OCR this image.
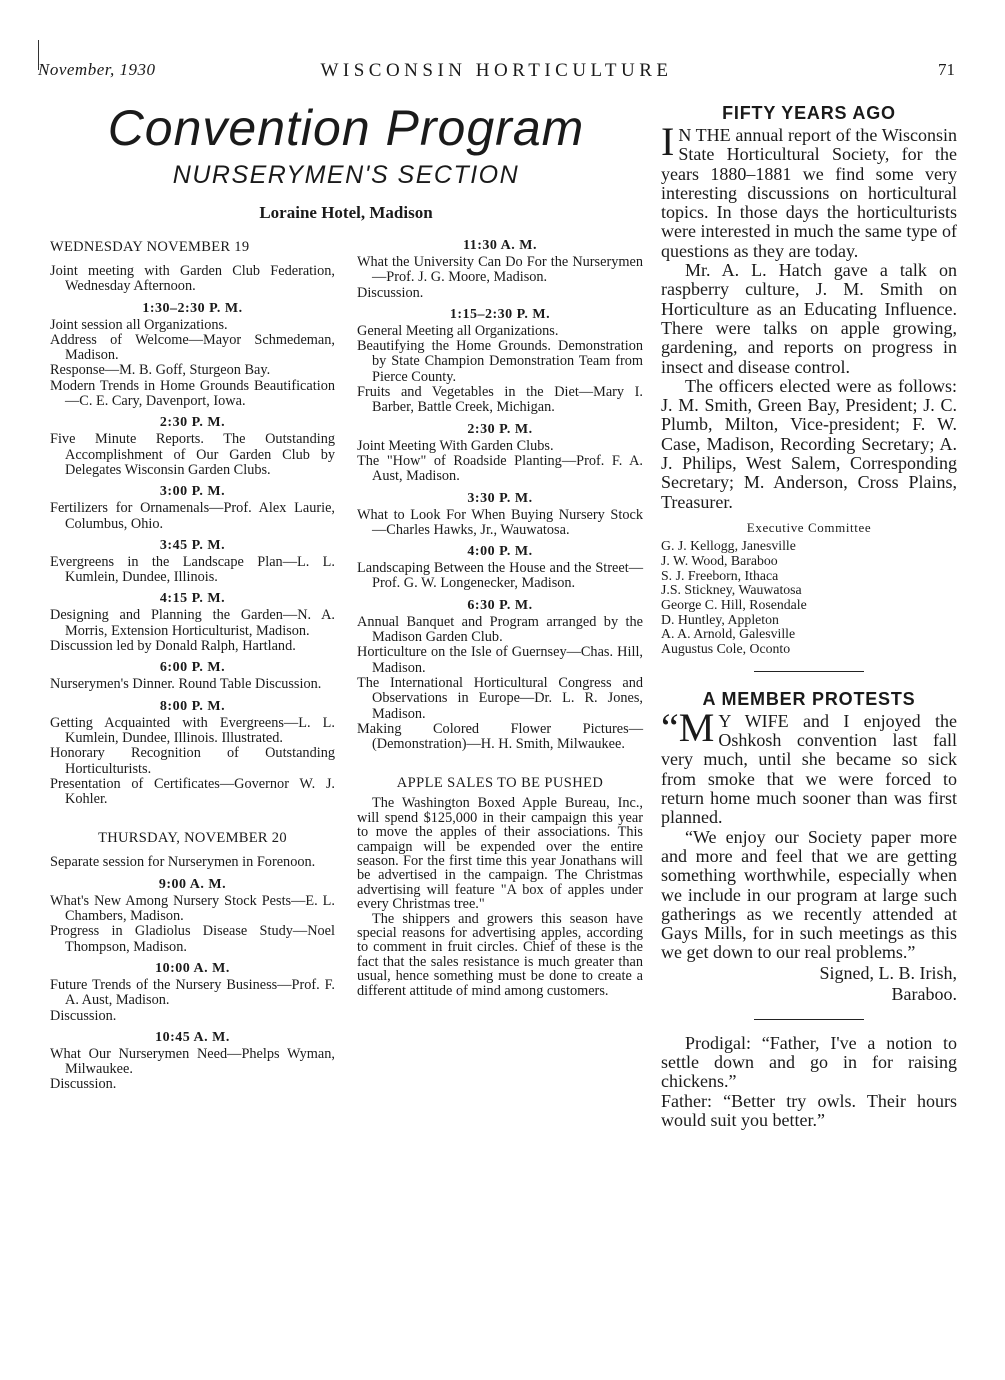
November, 1930	WISCONSIN HORTICULTURE	71
Convention Program
NURSERYMEN'S SECTION
Loraine Hotel, Madison
WEDNESDAY NOVEMBER 19

Joint meeting with Garden Club Federation, Wednesday Afternoon.

1:30–2:30 P. M.

Joint session all Organizations.

Address of Welcome—Mayor Schmedeman, Madison.

Response—M. B. Goff, Sturgeon Bay.

Modern Trends in Home Grounds Beautification—C. E. Cary, Davenport, Iowa.

2:30 P. M.

Five Minute Reports. The Outstanding Accomplishment of Our Garden Club by Delegates Wisconsin Garden Clubs.

3:00 P. M.

Fertilizers for Ornamenals—Prof. Alex Laurie, Columbus, Ohio.

3:45 P. M.

Evergreens in the Landscape Plan—L. L. Kumlein, Dundee, Illinois.

4:15 P. M.

Designing and Planning the Garden—N. A. Morris, Extension Horticulturist, Madison.

Discussion led by Donald Ralph, Hartland.

6:00 P. M.

Nurserymen's Dinner. Round Table Discussion.

8:00 P. M.

Getting Acquainted with Evergreens—L. L. Kumlein, Dundee, Illinois. Illustrated.

Honorary Recognition of Outstanding Horticulturists.

Presentation of Certificates—Governor W. J. Kohler.

THURSDAY, NOVEMBER 20

Separate session for Nurserymen in Forenoon.

9:00 A. M.

What's New Among Nursery Stock Pests—E. L. Chambers, Madison.

Progress in Gladiolus Disease Study—Noel Thompson, Madison.

10:00 A. M.

Future Trends of the Nursery Business—Prof. F. A. Aust, Madison.

Discussion.

10:45 A. M.

What Our Nurserymen Need—Phelps Wyman, Milwaukee.

Discussion.

11:30 A. M.

What the University Can Do For the Nurserymen—Prof. J. G. Moore, Madison.

Discussion.

1:15–2:30 P. M.

General Meeting all Organizations.

Beautifying the Home Grounds. Demonstration by State Champion Demonstration Team from Pierce County.

Fruits and Vegetables in the Diet—Mary I. Barber, Battle Creek, Michigan.

2:30 P. M.

Joint Meeting With Garden Clubs.

The "How" of Roadside Planting—Prof. F. A. Aust, Madison.

3:30 P. M.

What to Look For When Buying Nursery Stock—Charles Hawks, Jr., Wauwatosa.

4:00 P. M.

Landscaping Between the House and the Street—Prof. G. W. Longenecker, Madison.

6:30 P. M.

Annual Banquet and Program arranged by the Madison Garden Club.

Horticulture on the Isle of Guernsey—Chas. Hill, Madison.

The International Horticultural Congress and Observations in Europe—Dr. L. R. Jones, Madison.

Making Colored Flower Pictures—(Demonstration)—H. H. Smith, Milwaukee.

APPLE SALES TO BE PUSHED

The Washington Boxed Apple Bureau, Inc., will spend $125,000 in their campaign this year to move the apples of their associations. This campaign will be expended over the entire season. For the first time this year Jonathans will be advertised in the campaign. The Christmas advertising will feature "A box of apples under every Christmas tree."

The shippers and growers this season have special reasons for advertising apples, according to comment in fruit circles. Chief of these is the fact that the sales resistance is much greater than usual, hence something must be done to create a different attitude of mind among customers.

FIFTY YEARS AGO

I N THE annual report of the Wisconsin State Horticultural Society, for the years 1880–1881 we find some very interesting discussions on horticultural topics. In those days the horticulturists were interested in much the same type of questions as they are today.

Mr. A. L. Hatch gave a talk on raspberry culture, J. M. Smith on Horticulture as an Educating Influence. There were talks on apple growing, gardening, and reports on progress in insect and disease control.

The officers elected were as follows: J. M. Smith, Green Bay, President; J. C. Plumb, Milton, Vice-president; F. W. Case, Madison, Recording Secretary; A. J. Philips, West Salem, Corresponding Secretary; M. Anderson, Cross Plains, Treasurer.

Executive Committee
G. J. Kellogg, Janesville
J. W. Wood, Baraboo
S. J. Freeborn, Ithaca
J.S. Stickney, Wauwatosa
George C. Hill, Rosendale
D. Huntley, Appleton
A. A. Arnold, Galesville
Augustus Cole, Oconto
A MEMBER PROTESTS

“M Y WIFE and I enjoyed the Oshkosh convention last fall very much, until she became so sick from smoke that we were forced to return home much sooner than was first planned.

“We enjoy our Society paper more and more and feel that we are getting something worthwhile, especially when we include in our program at large such gatherings as we recently attended at Gays Mills, for in such meetings as this we get down to our real problems.”

Signed, L. B. Irish,
Baraboo.

Prodigal: “Father, I've a notion to settle down and go in for raising chickens.”

Father: “Better try owls. Their hours would suit you better.”
